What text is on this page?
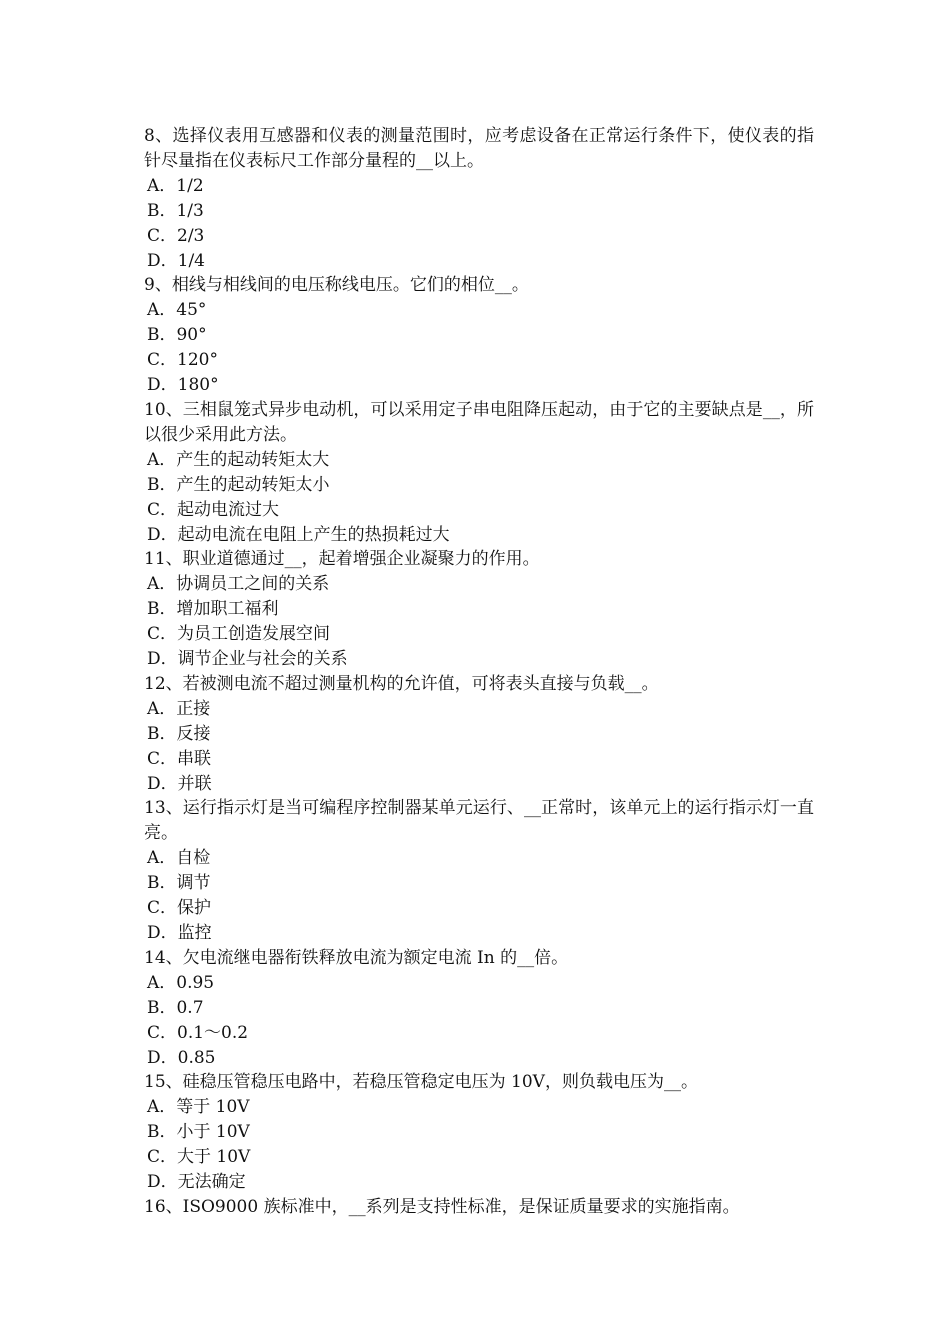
8、选择仪表用互感器和仪表的测量范围时，应考虑设备在正常运行条件下，使仪表的指针尽量指在仪表标尺工作部分量程的__以上。

A．1/2

B．1/3

C．2/3

D．1/4

9、相线与相线间的电压称线电压。它们的相位__。

A．45°

B．90°

C．120°

D．180°

10、三相鼠笼式异步电动机，可以采用定子串电阻降压起动，由于它的主要缺点是__，所以很少采用此方法。

A．产生的起动转矩太大

B．产生的起动转矩太小

C．起动电流过大

D．起动电流在电阻上产生的热损耗过大

11、职业道德通过__，起着增强企业凝聚力的作用。

A．协调员工之间的关系

B．增加职工福利

C．为员工创造发展空间

D．调节企业与社会的关系

12、若被测电流不超过测量机构的允许值，可将表头直接与负载__。

A．正接

B．反接

C．串联

D．并联

13、运行指示灯是当可编程序控制器某单元运行、__正常时，该单元上的运行指示灯一直亮。

A．自检

B．调节

C．保护

D．监控

14、欠电流继电器衔铁释放电流为额定电流 In 的__倍。

A．0.95

B．0.7

C．0.1～0.2

D．0.85

15、硅稳压管稳压电路中，若稳压管稳定电压为 10V，则负载电压为__。

A．等于 10V

B．小于 10V

C．大于 10V

D．无法确定

16、ISO9000 族标准中，__系列是支持性标准，是保证质量要求的实施指南。
